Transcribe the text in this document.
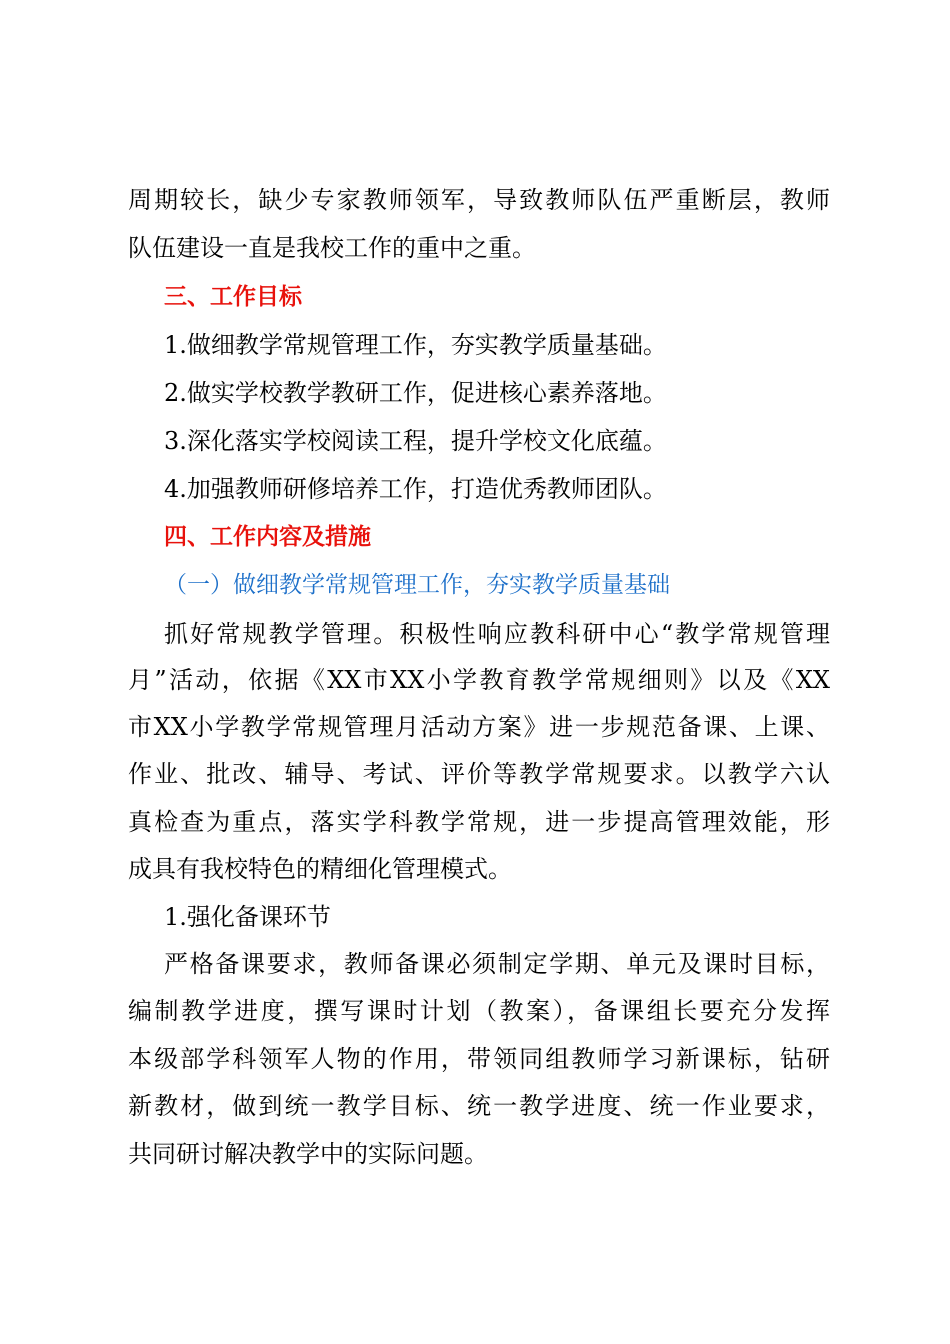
周期较长，缺少专家教师领军，导致教师队伍严重断层，教师
队伍建设一直是我校工作的重中之重。
三、工作目标
1.做细教学常规管理工作，夯实教学质量基础。
2.做实学校教学教研工作，促进核心素养落地。
3.深化落实学校阅读工程，提升学校文化底蕴。
4.加强教师研修培养工作，打造优秀教师团队。
四、工作内容及措施
（一）做细教学常规管理工作，夯实教学质量基础
抓好常规教学管理。积极性响应教科研中心“教学常规管理
月”活动，依据《XX市XX小学教育教学常规细则》以及《XX
市XX小学教学常规管理月活动方案》进一步规范备课、上课、
作业、批改、辅导、考试、评价等教学常规要求。以教学六认
真检查为重点，落实学科教学常规，进一步提高管理效能，形
成具有我校特色的精细化管理模式。
1.强化备课环节
严格备课要求，教师备课必须制定学期、单元及课时目标，
编制教学进度，撰写课时计划（教案），备课组长要充分发挥
本级部学科领军人物的作用，带领同组教师学习新课标，钻研
新教材，做到统一教学目标、统一教学进度、统一作业要求，
共同研讨解决教学中的实际问题。
